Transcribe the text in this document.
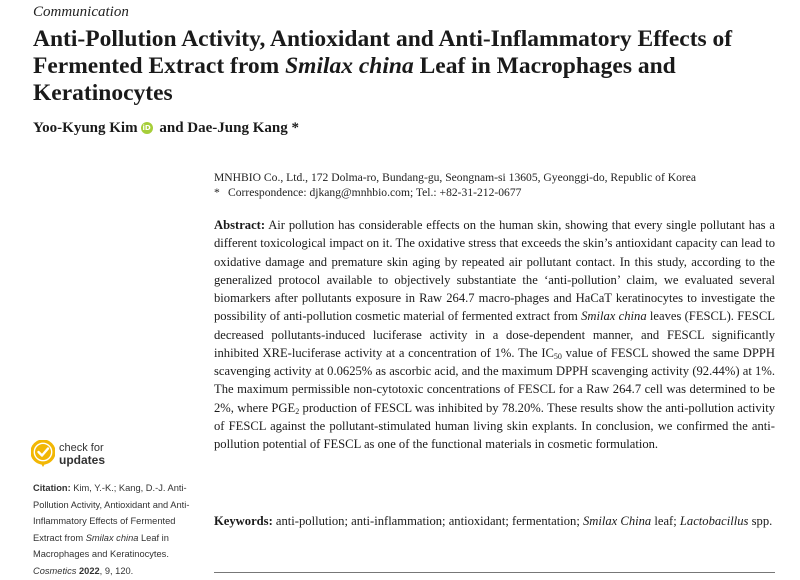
Communication
Anti-Pollution Activity, Antioxidant and Anti-Inflammatory Effects of Fermented Extract from Smilax china Leaf in Macrophages and Keratinocytes
Yoo-Kyung Kim iD and Dae-Jung Kang *
MNHBIO Co., Ltd., 172 Dolma-ro, Bundang-gu, Seongnam-si 13605, Gyeonggi-do, Republic of Korea
* Correspondence: djkang@mnhbio.com; Tel.: +82-31-212-0677
Abstract: Air pollution has considerable effects on the human skin, showing that every single pollutant has a different toxicological impact on it. The oxidative stress that exceeds the skin’s antioxidant capacity can lead to oxidative damage and premature skin aging by repeated air pollutant contact. In this study, according to the generalized protocol available to objectively substantiate the ‘anti-pollution’ claim, we evaluated several biomarkers after pollutants exposure in Raw 264.7 macro-phages and HaCaT keratinocytes to investigate the possibility of anti-pollution cosmetic material of fermented extract from Smilax china leaves (FESCL). FESCL decreased pollutants-induced luciferase activity in a dose-dependent manner, and FESCL significantly inhibited XRE-luciferase activity at a concentration of 1%. The $IC_{50}$ value of FESCL showed the same DPPH scavenging activity at 0.0625% as ascorbic acid, and the maximum DPPH scavenging activity (92.44%) at 1%. The maximum permissible non-cytotoxic concentrations of FESCL for a Raw 264.7 cell was determined to be 2%, where $PGE_2$ production of FESCL was inhibited by 78.20%. These results show the anti-pollution activity of FESCL against the pollutant-stimulated human living skin explants. In conclusion, we confirmed the anti-pollution potential of FESCL as one of the functional materials in cosmetic formulation.
Keywords: anti-pollution; anti-inflammation; antioxidant; fermentation; Smilax China leaf; Lactobacillus spp.
check for
updates
Citation: Kim, Y.-K.; Kang, D.-J. Anti-Pollution Activity, Antioxidant and Anti-Inflammatory Effects of Fermented Extract from Smilax china Leaf in Macrophages and Keratinocytes. Cosmetics 2022, 9, 120.
